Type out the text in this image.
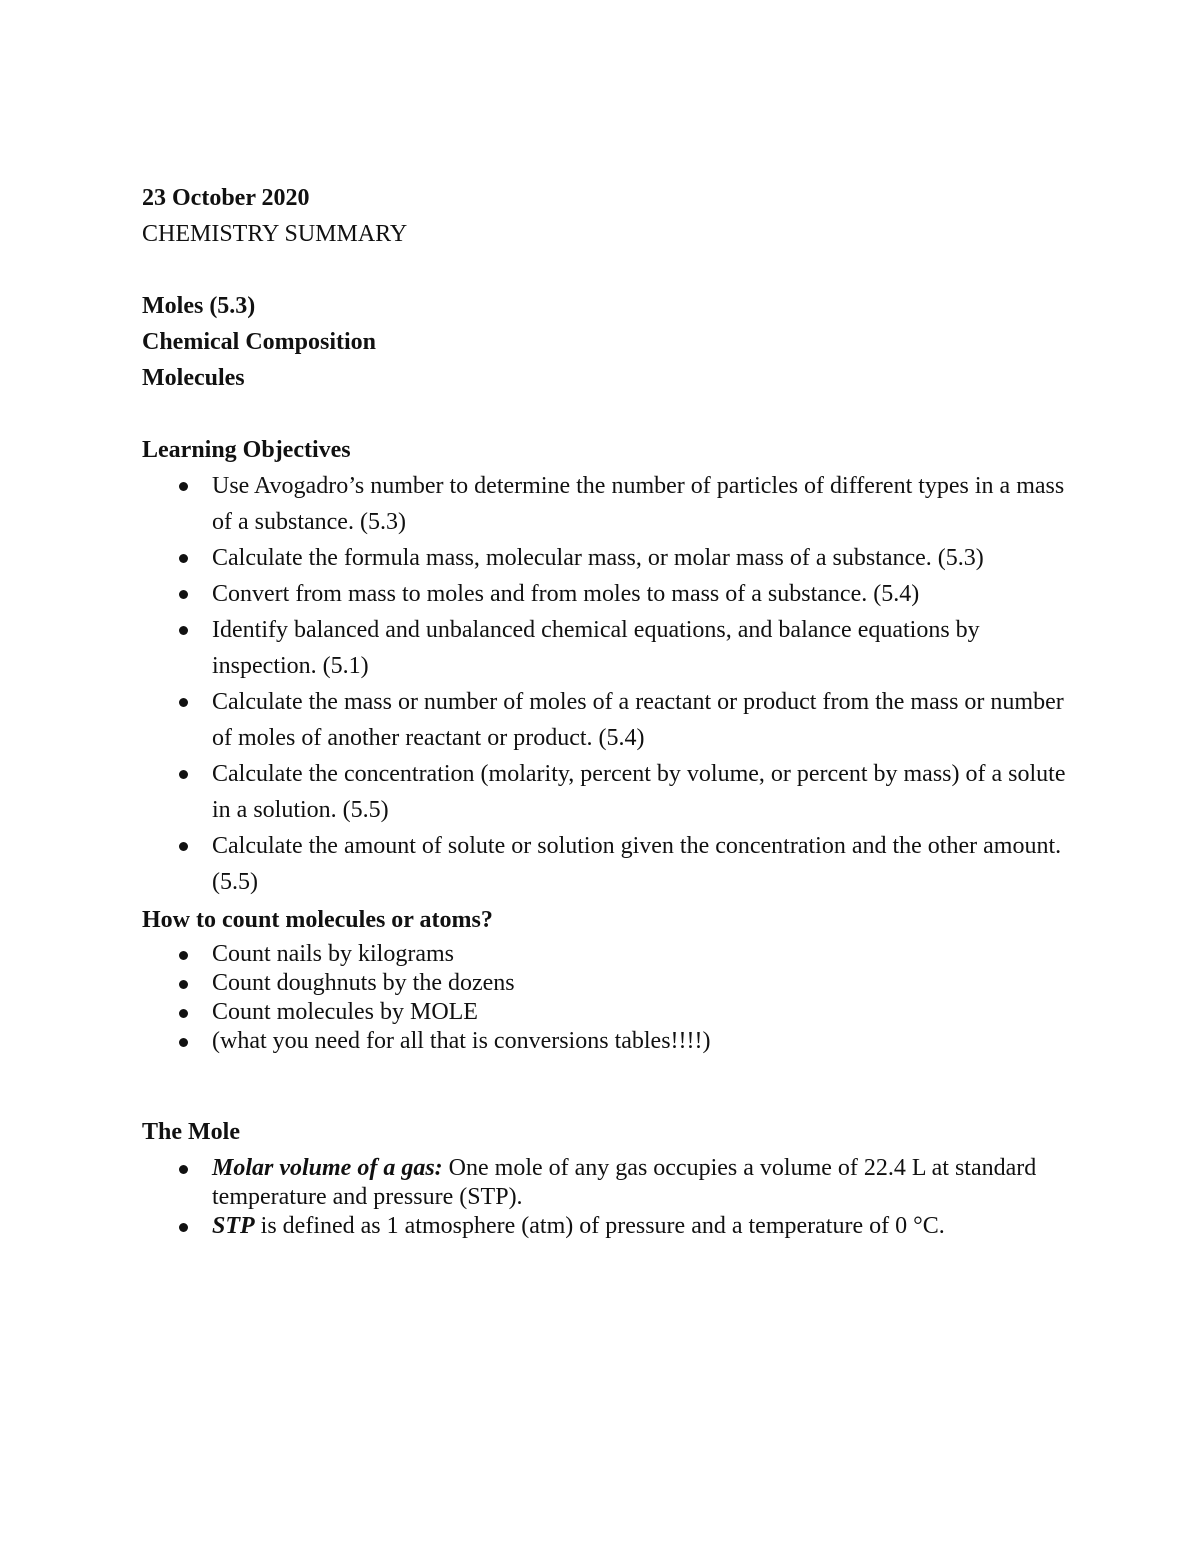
23 October 2020

CHEMISTRY SUMMARY

Moles (5.3)

Chemical Composition

Molecules

Learning Objectives

Use Avogadro’s number to determine the number of particles of different types in a mass of a substance. (5.3)
Calculate the formula mass, molecular mass, or molar mass of a substance. (5.3)
Convert from mass to moles and from moles to mass of a substance. (5.4)
Identify balanced and unbalanced chemical equations, and balance equations by inspection. (5.1)
Calculate the mass or number of moles of a reactant or product from the mass or number of moles of another reactant or product. (5.4)
Calculate the concentration (molarity, percent by volume, or percent by mass) of a solute in a solution. (5.5)
Calculate the amount of solute or solution given the concentration and the other amount. (5.5)

How to count molecules or atoms?

Count nails by kilograms
Count doughnuts by the dozens
Count molecules by MOLE
(what you need for all that is conversions tables!!!!)

The Mole

Molar volume of a gas: One mole of any gas occupies a volume of 22.4 L at standard temperature and pressure (STP).
STP is defined as 1 atmosphere (atm) of pressure and a temperature of 0 °C.
